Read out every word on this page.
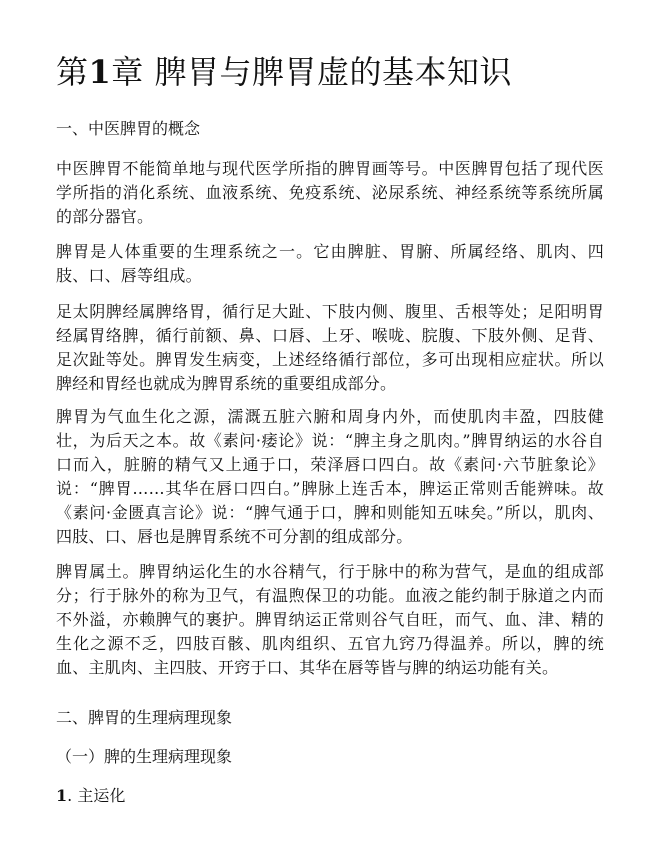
第1章 脾胃与脾胃虚的基本知识
一、中医脾胃的概念

中医脾胃不能简单地与现代医学所指的脾胃画等号。中医脾胃包括了现代医学所指的消化系统、血液系统、免疫系统、泌尿系统、神经系统等系统所属的部分器官。

脾胃是人体重要的生理系统之一。它由脾脏、胃腑、所属经络、肌肉、四肢、口、唇等组成。

足太阴脾经属脾络胃，循行足大趾、下肢内侧、腹里、舌根等处；足阳明胃经属胃络脾，循行前额、鼻、口唇、上牙、喉咙、脘腹、下肢外侧、足背、足次趾等处。脾胃发生病变，上述经络循行部位，多可出现相应症状。所以脾经和胃经也就成为脾胃系统的重要组成部分。

脾胃为气血生化之源，濡溉五脏六腑和周身内外，而使肌肉丰盈，四肢健壮，为后天之本。故《素问·痿论》说：“脾主身之肌肉。”脾胃纳运的水谷自口而入，脏腑的精气又上通于口，荣泽唇口四白。故《素问·六节脏象论》说：“脾胃……其华在唇口四白。”脾脉上连舌本，脾运正常则舌能辨味。故《素问·金匮真言论》说：“脾气通于口，脾和则能知五味矣。”所以，肌肉、四肢、口、唇也是脾胃系统不可分割的组成部分。

脾胃属土。脾胃纳运化生的水谷精气，行于脉中的称为营气，是血的组成部分；行于脉外的称为卫气，有温煦保卫的功能。血液之能约制于脉道之内而不外溢，亦赖脾气的裹护。脾胃纳运正常则谷气自旺，而气、血、津、精的生化之源不乏，四肢百骸、肌肉组织、五官九窍乃得温养。所以，脾的统血、主肌肉、主四肢、开窍于口、其华在唇等皆与脾的纳运功能有关。

二、脾胃的生理病理现象
（一）脾的生理病理现象
1. 主运化
